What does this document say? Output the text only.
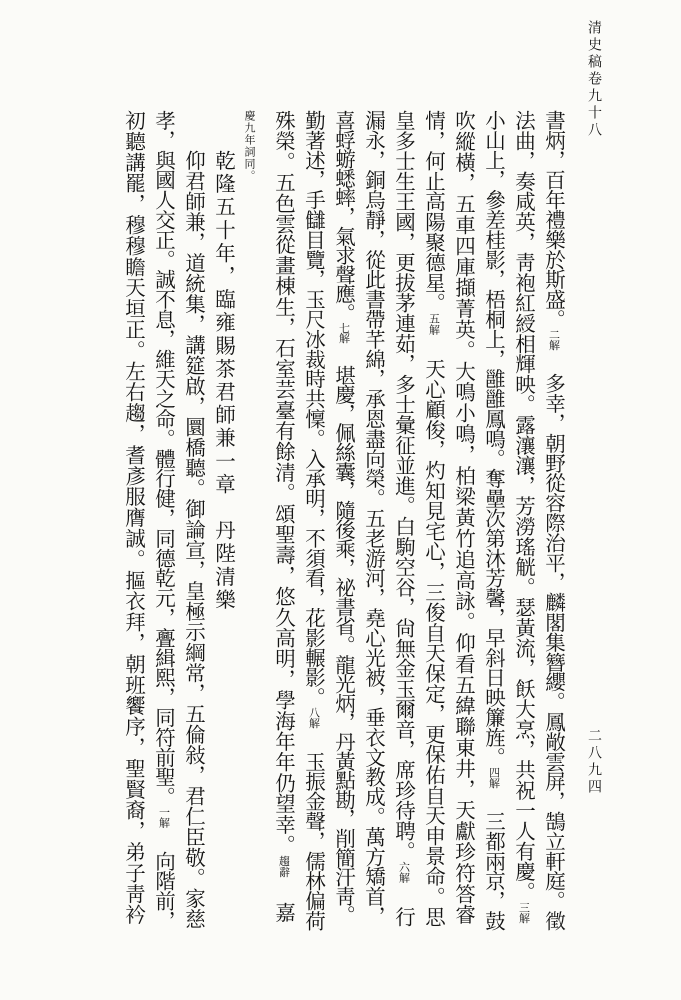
清史稿卷九十八
二八九四
書炳，百年禮樂於斯盛。二解 多幸，朝野從容際治平，麟閣集簪纓。鳳敞雲屏，鵠立軒庭。徵
法曲，奏咸英，靑袍紅綬相輝映。露瀼瀼，芳澇瑤觥。瑟黃流，飫大烹，共祝一人有慶。三解
小山上，參差桂影，梧桐上，雝雝鳳鳴。奪壘次第沐芳馨，早斜日映簾旌。四解 三都兩京，鼓
吹縱橫，五車四庫擷菁英。大鳴小鳴，柏梁黃竹追高詠。仰看五緯聯東井，天獻珍符答睿
情，何止高陽聚德星。五解 天心顧俊，灼知見宅心，三俊自天保定，更保佑自天申景命。思
皇多士生王國，更拔茅連茹，多士彙征並進。白駒空谷，尙無金玉爾音，席珍待聘。六解 行
漏永，銅烏靜，從此書帶芊綿，承恩盡向榮。五老游河，堯心光被，垂衣文教成。萬方矯首，
喜蜉蝣蟋蟀，氣求聲應。七解 堪慶，佩絲囊，隨後乘，祕書省。龍光炳，丹黃點勘，削簡汗靑。
勤著述，手讎目覽，玉尺冰裁時共懍。入承明，不須看，花影輾影。八解 玉振金聲，儒林偏荷
殊榮。五色雲從畫棟生，石室芸臺有餘清。頌聖壽，悠久高明，學海年年仍望幸。趨辭 嘉
慶九年詞同。
乾隆五十年，臨雍賜茶君師兼一章　丹陛清樂
仰君師兼，道統集，講筵啟，圜橋聽。御論宣，皇極示綱常，五倫敍，君仁臣敬。家慈
孝，與國人交正。誠不息，維天之命。體行健，同德乾元，亹緝熙，同符前聖。一解 向階前，
初聽講罷，穆穆瞻天垣正。左右趨，耆彥服膺誠。摳衣拜，朝班饗序，聖賢裔，弟子靑衿
